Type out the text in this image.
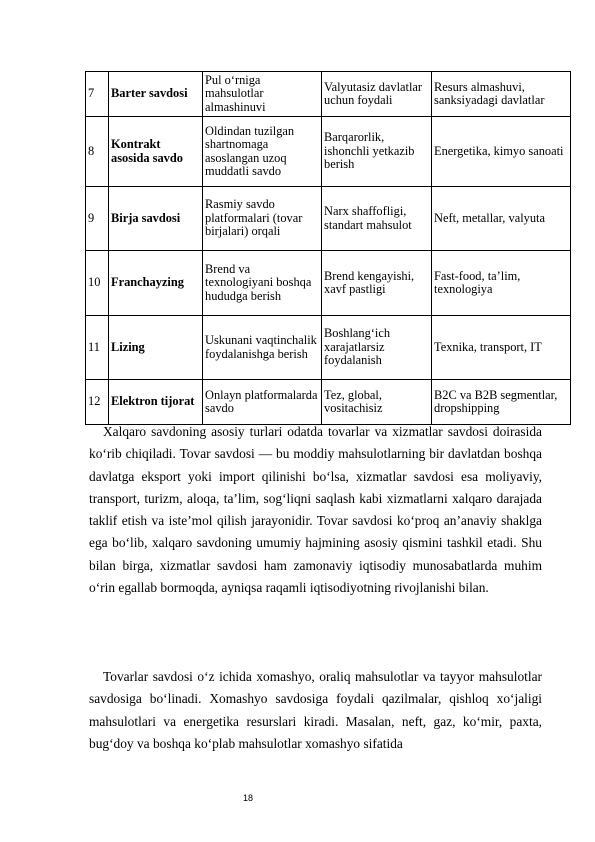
7	Barter savdosi	Pul o‘rniga mahsulotlar almashinuvi	Valyutasiz davlatlar uchun foydali	Resurs almashuvi, sanksiyadagi davlatlar
8	Kontrakt asosida savdo	Oldindan tuzilgan shartnomaga asoslangan uzoq muddatli savdo	Barqarorlik, ishonchli yetkazib berish	Energetika, kimyo sanoati
9	Birja savdosi	Rasmiy savdo platformalari (tovar birjalari) orqali	Narx shaffofligi, standart mahsulot	Neft, metallar, valyuta
10	Franchayzing	Brend va texnologiyani boshqa hududga berish	Brend kengayishi, xavf pastligi	Fast-food, ta’lim, texnologiya
11	Lizing	Uskunani vaqtinchalik foydalanishga berish	Boshlang‘ich xarajatlarsiz foydalanish	Texnika, transport, IT
12	Elektron tijorat	Onlayn platformalarda savdo	Tez, global, vositachisiz	B2C va B2B segmentlar, dropshipping

Xalqaro savdoning asosiy turlari odatda tovarlar va xizmatlar savdosi doirasida ko‘rib chiqiladi. Tovar savdosi — bu moddiy mahsulotlarning bir davlatdan boshqa davlatga eksport yoki import qilinishi bo‘lsa, xizmatlar savdosi esa moliyaviy, transport, turizm, aloqa, ta’lim, sog‘liqni saqlash kabi xizmatlarni xalqaro darajada taklif etish va iste’mol qilish jarayonidir. Tovar savdosi ko‘proq an’anaviy shaklga ega bo‘lib, xalqaro savdoning umumiy hajmining asosiy qismini tashkil etadi. Shu bilan birga, xizmatlar savdosi ham zamonaviy iqtisodiy munosabatlarda muhim o‘rin egallab bormoqda, ayniqsa raqamli iqtisodiyotning rivojlanishi bilan.

Tovarlar savdosi o‘z ichida xomashyo, oraliq mahsulotlar va tayyor mahsulotlar savdosiga bo‘linadi. Xomashyo savdosiga foydali qazilmalar, qishloq xo‘jaligi mahsulotlari va energetika resurslari kiradi. Masalan, neft, gaz, ko‘mir, paxta, bug‘doy va boshqa ko‘plab mahsulotlar xomashyo sifatida

18
